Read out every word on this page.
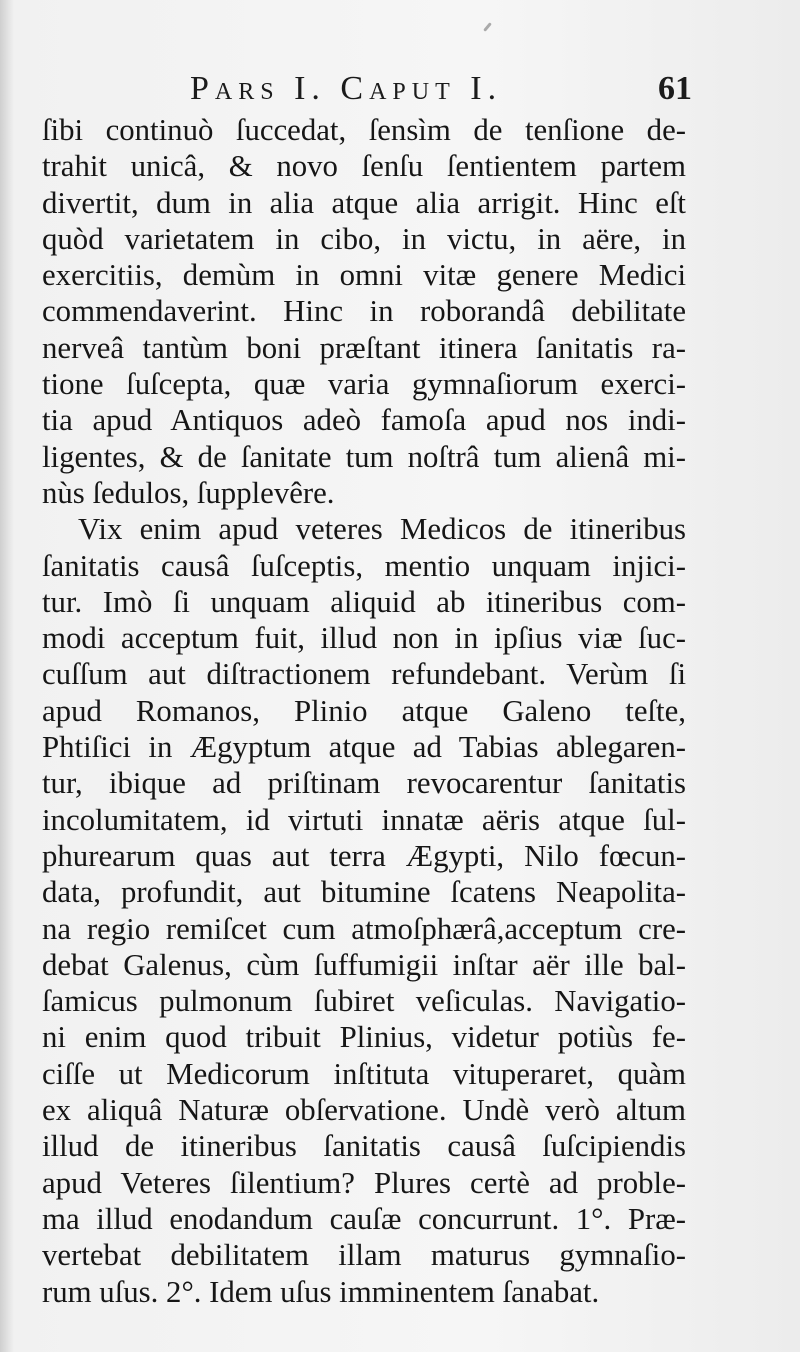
Pars I. Caput I.	61
ſibi continuò ſuccedat, ſensìm de tenſione de-
trahit unicâ, & novo ſenſu ſentientem partem
divertit, dum in alia atque alia arrigit. Hinc eſt
quòd varietatem in cibo, in victu, in aëre, in
exercitiis, demùm in omni vitæ genere Medici
commendaverint. Hinc in roborandâ debilitate
nerveâ tantùm boni præſtant itinera ſanitatis ra-
tione ſuſcepta, quæ varia gymnaſiorum exerci-
tia apud Antiquos adeò famoſa apud nos indi-
ligentes, & de ſanitate tum noſtrâ tum alienâ mi-
nùs ſedulos, ſupplevêre.
Vix enim apud veteres Medicos de itineribus
ſanitatis causâ ſuſceptis, mentio unquam injici-
tur. Imò ſi unquam aliquid ab itineribus com-
modi acceptum fuit, illud non in ipſius viæ ſuc-
cuſſum aut diſtractionem refundebant. Verùm ſi
apud Romanos, Plinio atque Galeno teſte,
Phtiſici in Ægyptum atque ad Tabias ablegaren-
tur, ibique ad priſtinam revocarentur ſanitatis
incolumitatem, id virtuti innatæ aëris atque ſul-
phurearum quas aut terra Ægypti, Nilo fœcun-
data, profundit, aut bitumine ſcatens Neapolita-
na regio remiſcet cum atmoſphærâ,acceptum cre-
debat Galenus, cùm ſuffumigii inſtar aër ille bal-
ſamicus pulmonum ſubiret veſiculas. Navigatio-
ni enim quod tribuit Plinius, videtur potiùs fe-
ciſſe ut Medicorum inſtituta vituperaret, quàm
ex aliquâ Naturæ obſervatione. Undè verò altum
illud de itineribus ſanitatis causâ ſuſcipiendis
apud Veteres ſilentium? Plures certè ad proble-
ma illud enodandum cauſæ concurrunt. 1°. Præ-
vertebat debilitatem illam maturus gymnaſio-
rum uſus. 2°. Idem uſus imminentem ſanabat.
